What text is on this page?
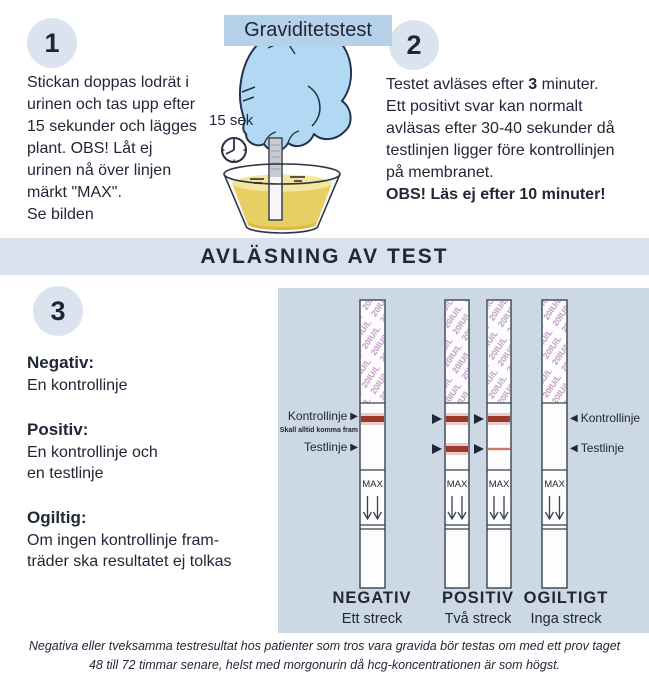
Graviditetstest
1
Stickan doppas lodrät i
urinen och tas upp efter
15 sekunder och lägges
plant. OBS! Låt ej
urinen nå över linjen
märkt "MAX".
Se bilden
15 sek
2
Testet avläses efter 3 minuter.
Ett positivt svar kan normalt
avläsas efter 30-40 sekunder då
testlinjen ligger före kontrollinjen
på membranet.
OBS! Läs ej efter 10 minuter!
AVLÄSNING AV TEST
3
Negativ:
En kontrollinje
Positiv:
En kontrollinje och
en testlinje
Ogiltig:
Om ingen kontrollinje fram-
träder ska resultatet ej tolkas
MAX	MAX MAX	MAX
Kontrollinje ▶
Skall alltid komma fram
Testlinje ▶
◀ Kontrollinje
◀ Testlinje
NEGATIV
Ett streck
POSITIV
Två streck
OGILTIGT
Inga streck
Negativa eller tveksamma testresultat hos patienter som tros vara gravida bör testas om med ett prov taget
48 till 72 timmar senare, helst med morgonurin då hcg-koncentrationen är som högst.
